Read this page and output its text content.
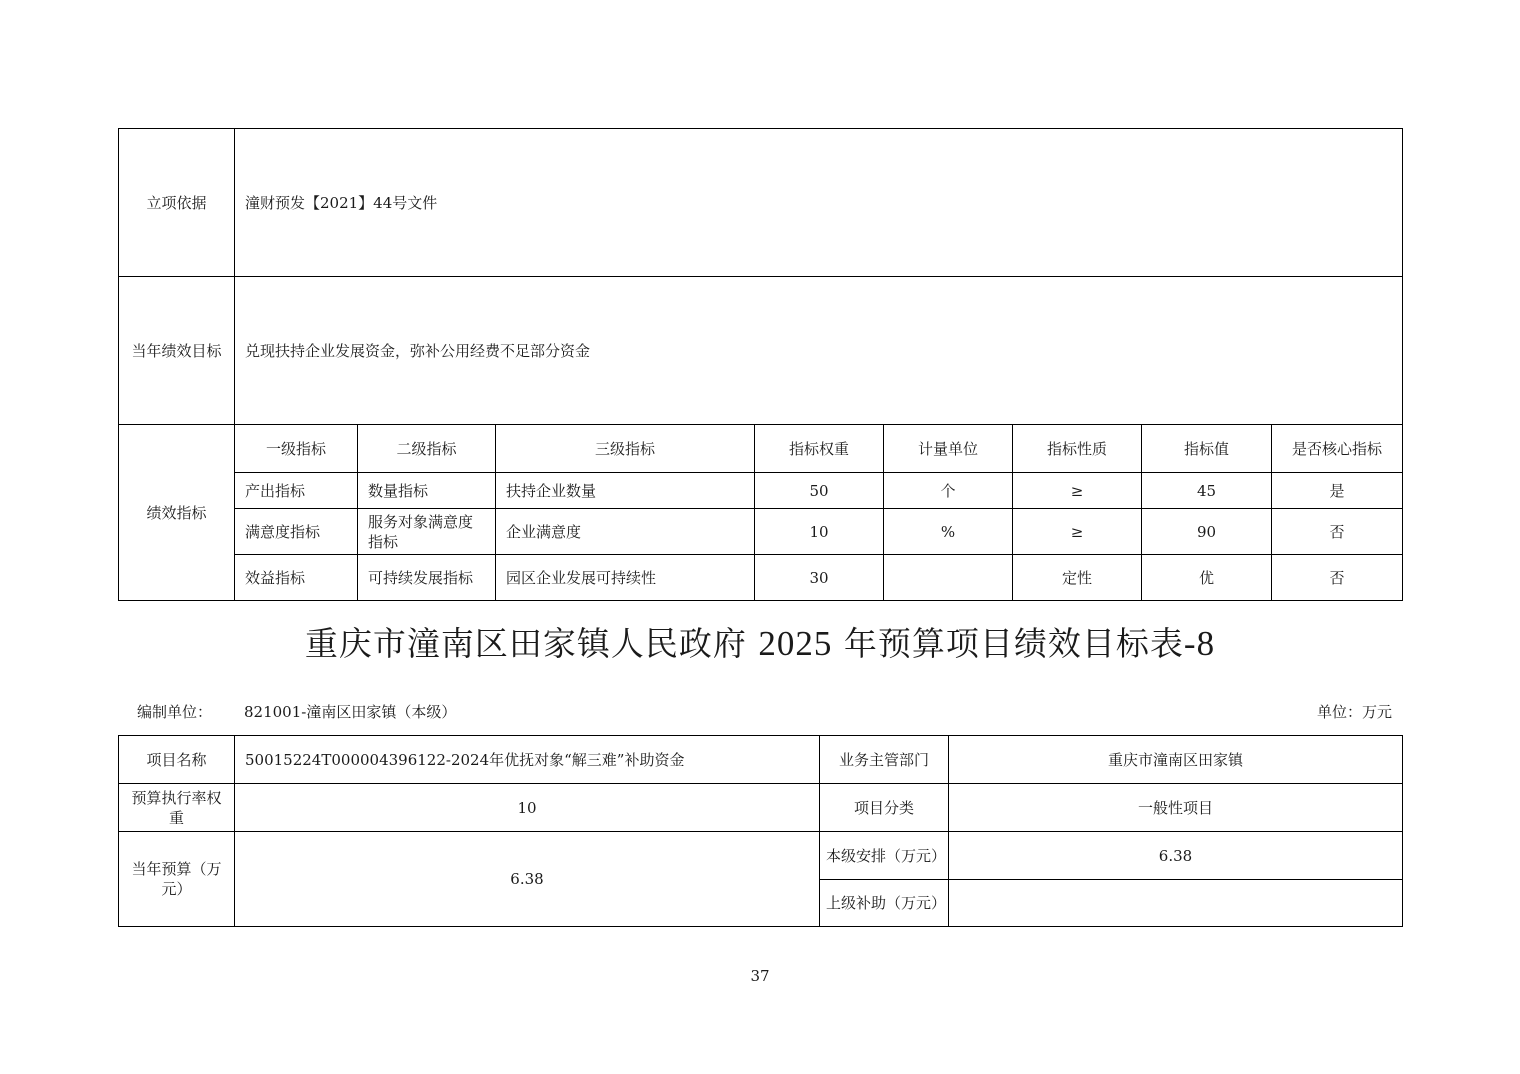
立项依据	潼财预发【2021】44号文件							
当年绩效目标	兑现扶持企业发展资金，弥补公用经费不足部分资金							
绩效指标	一级指标	二级指标	三级指标	指标权重	计量单位	指标性质	指标值	是否核心指标
	产出指标	数量指标	扶持企业数量	50	个	≥	45	是
	满意度指标	服务对象满意度指标	企业满意度	10	%	≥	90	否
	效益指标	可持续发展指标	园区企业发展可持续性	30		定性	优	否
重庆市潼南区田家镇人民政府 2025 年预算项目绩效目标表-8
编制单位： 821001-潼南区田家镇（本级）	单位：万元
项目名称	50015224T000004396122-2024年优抚对象“解三难”补助资金	业务主管部门	重庆市潼南区田家镇
预算执行率权重	10	项目分类	一般性项目
当年预算（万元）	6.38	本级安排（万元）	6.38
		上级补助（万元）	
37
